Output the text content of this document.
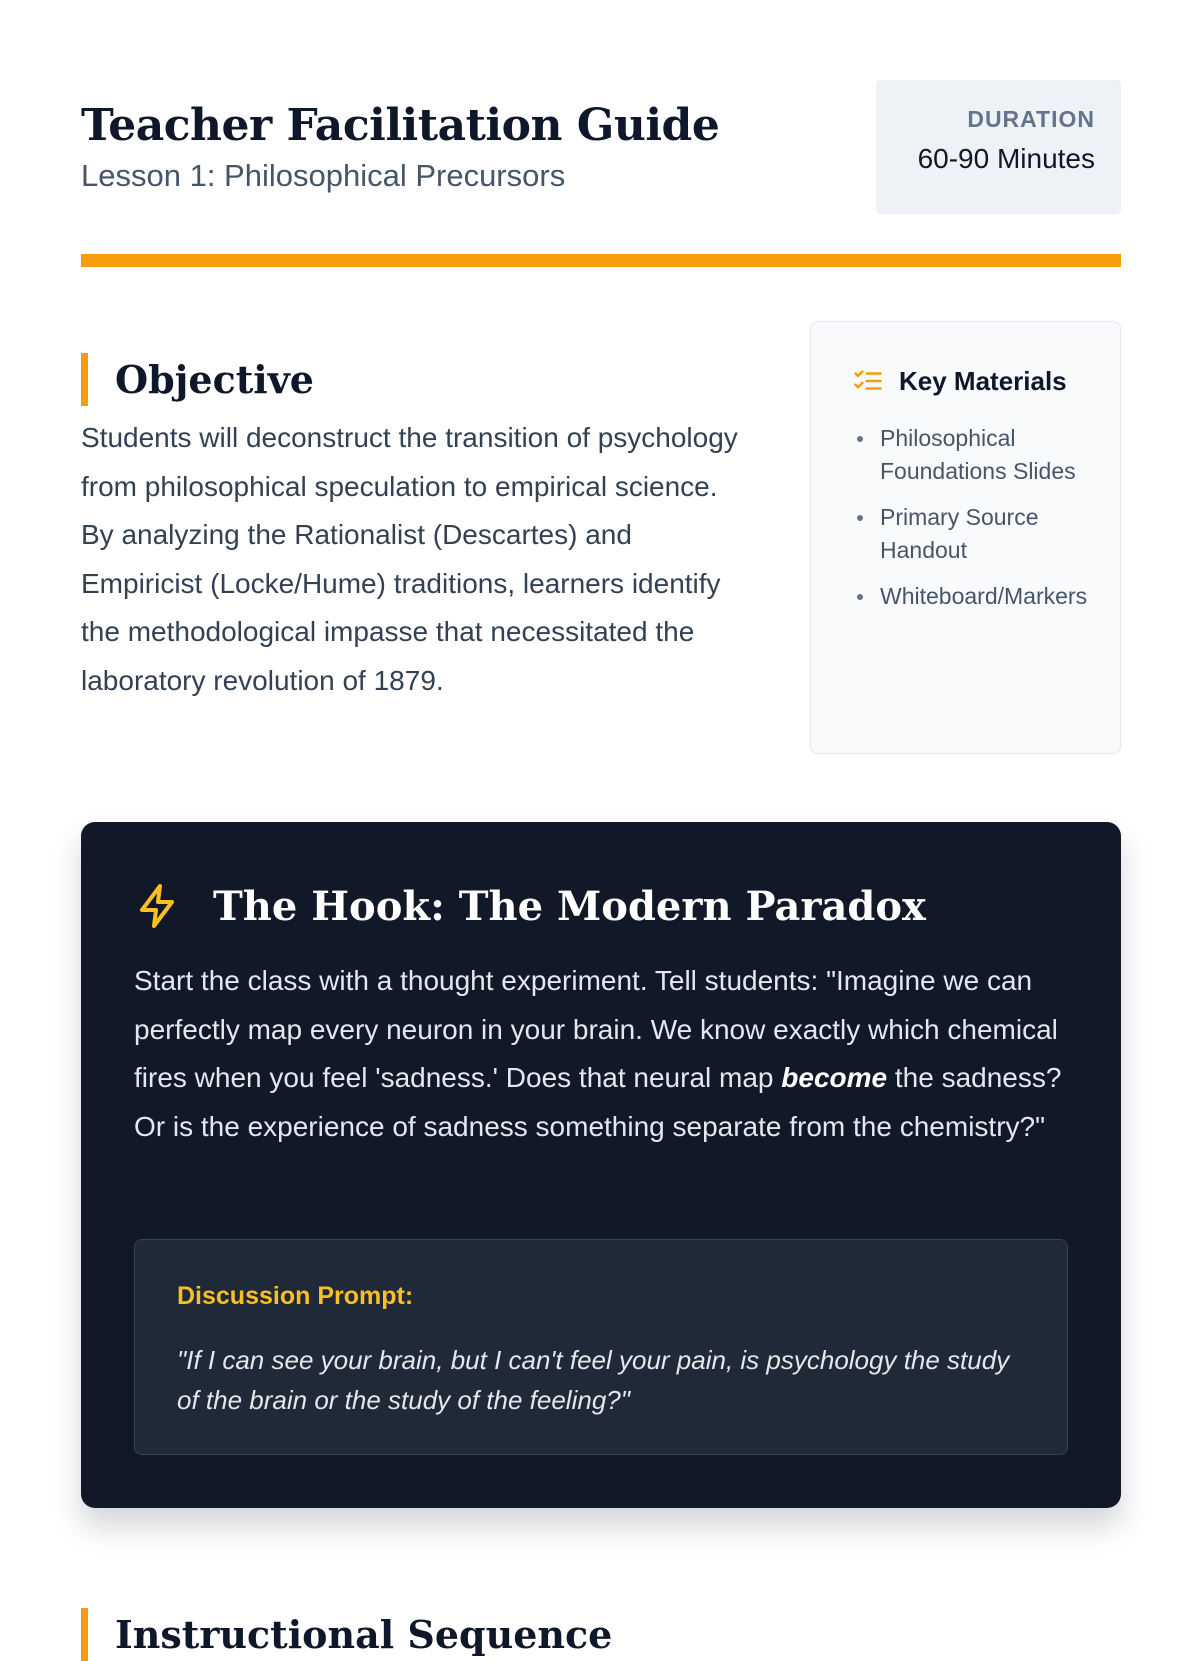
Teacher Facilitation Guide

Lesson 1: Philosophical Precursors

DURATION
60-90 Minutes
Objective

Students will deconstruct the transition of psychology from philosophical speculation to empirical science. By analyzing the Rationalist (Descartes) and Empiricist (Locke/Hume) traditions, learners identify the methodological impasse that necessitated the laboratory revolution of 1879.

Key Materials
Philosophical Foundations Slides
Primary Source Handout
Whiteboard/Markers
The Hook: The Modern Paradox

Start the class with a thought experiment. Tell students: "Imagine we can perfectly map every neuron in your brain. We know exactly which chemical fires when you feel 'sadness.' Does that neural map become the sadness? Or is the experience of sadness something separate from the chemistry?"

Discussion Prompt:

"If I can see your brain, but I can't feel your pain, is psychology the study of the brain or the study of the feeling?"

Instructional Sequence
